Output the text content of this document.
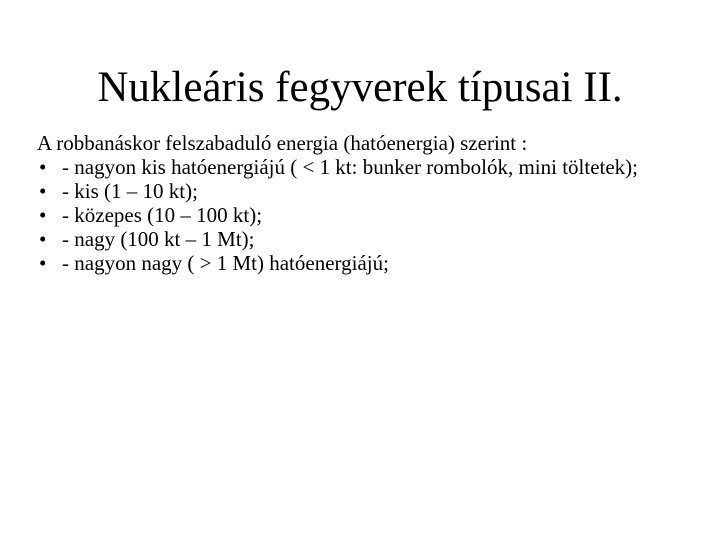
Nukleáris fegyverek típusai II.

A robbanáskor felszabaduló energia (hatóenergia) szerint :

• - nagyon kis hatóenergiájú ( < 1 kt: bunker rombolók, mini töltetek);
• - kis (1 – 10 kt);
• - közepes (10 – 100 kt);
• - nagy (100 kt – 1 Mt);
• - nagyon nagy ( > 1 Mt) hatóenergiájú;
